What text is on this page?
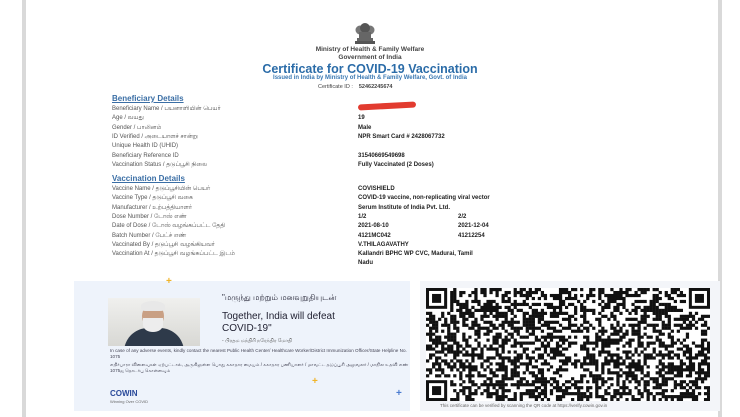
Ministry of Health & Family Welfare
Government of India
Certificate for COVID-19 Vaccination
Issued in India by Ministry of Health & Family Welfare, Govt. of India
Certificate ID : 52462245674
Beneficiary Details
Beneficiary Name / பயனாளியின் பெயர்
Age / வயது	19
Gender / பாலினம்	Male
ID Verified / அடையாளச் சான்று	NPR Smart Card # 2428067732
Unique Health ID (UHID)
Beneficiary Reference ID	31540669549698
Vaccination Status / தடுப்பூசி நிலை	Fully Vaccinated (2 Doses)
Vaccination Details
Vaccine Name / தடுப்பூசியின் பெயர்	COVISHIELD
Vaccine Type / தடுப்பூசி வகை	COVID-19 vaccine, non-replicating viral vector
Manufacturer / உற்பத்தியாளர்	Serum Institute of India Pvt. Ltd.
Dose Number / டோஸ் எண்	1/2	2/2
Date of Dose / டோஸ் வழங்கப்பட்ட தேதி	2021-08-10	2021-12-04
Batch Number / பேட்ச் எண்	4121MC042	41212254
Vaccinated By / தடுப்பூசி வழங்கியவர்	V.THILAGAVATHY
Vaccination At / தடுப்பூசி வழங்கப்பட்ட இடம்	Kallandri BPHC WP CVC, Madurai, Tamil
Nadu
"மருந்து மற்றும் மனவுறுதியுடன்
Together, India will defeat COVID-19"
- பிரதம மந்திரி நரேந்திர மோதி
In case of any adverse events, kindly contact the nearest Public Health Center/ Healthcare Worker/District Immunization Officer/State Helpline No. 1075
எதிர்பாரா விளைவுகள் ஏற்பட்டால், அருகிலுள்ள பொது சுகாதார மையம் / சுகாதார பணியாளர் / மாவட்ட தடுப்பூசி அலுவலர் / மாநில உதவி எண் 1075ஐ தொடர்பு கொள்ளவும்
COWIN
Winning Over COVID
+
+
+
This certificate can be verified by scanning the QR code at https://verify.cowin.gov.in
